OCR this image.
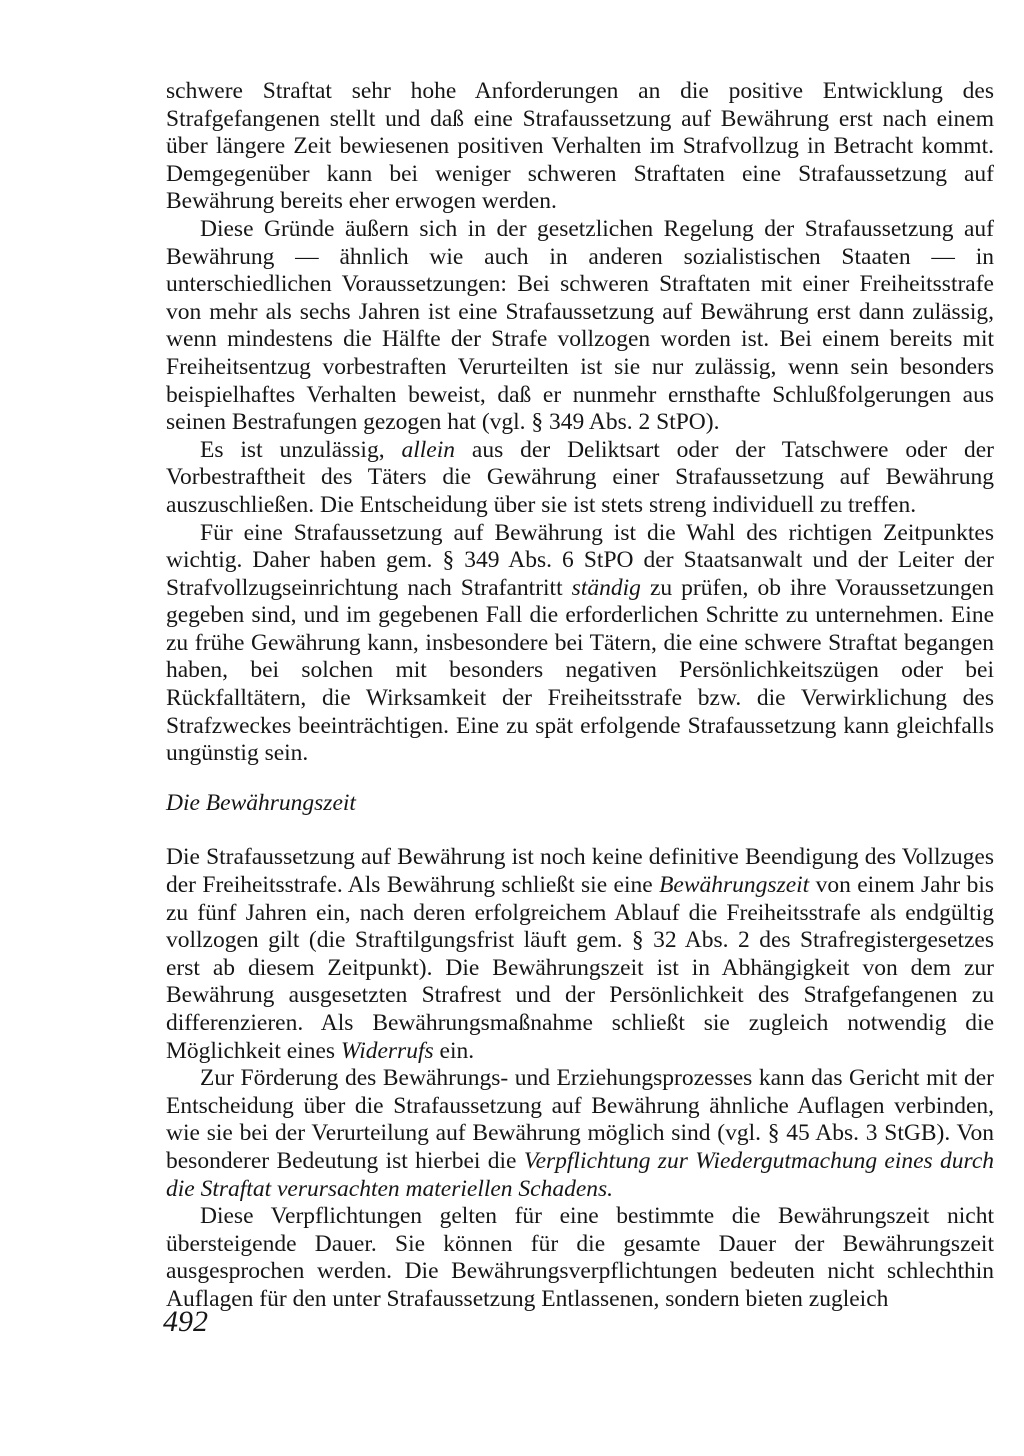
schwere Straftat sehr hohe Anforderungen an die positive Entwicklung des Strafgefangenen stellt und daß eine Strafaussetzung auf Bewährung erst nach einem über längere Zeit bewiesenen positiven Verhalten im Strafvollzug in Betracht kommt. Demgegenüber kann bei weniger schweren Straftaten eine Strafaussetzung auf Bewährung bereits eher erwogen werden.

Diese Gründe äußern sich in der gesetzlichen Regelung der Strafaussetzung auf Bewährung — ähnlich wie auch in anderen sozialistischen Staaten — in unterschiedlichen Voraussetzungen: Bei schweren Straftaten mit einer Freiheitsstrafe von mehr als sechs Jahren ist eine Strafaussetzung auf Bewährung erst dann zulässig, wenn mindestens die Hälfte der Strafe vollzogen worden ist. Bei einem bereits mit Freiheitsentzug vorbestraften Verurteilten ist sie nur zulässig, wenn sein besonders beispielhaftes Verhalten beweist, daß er nunmehr ernsthafte Schlußfolgerungen aus seinen Bestrafungen gezogen hat (vgl. § 349 Abs. 2 StPO).

Es ist unzulässig, allein aus der Deliktsart oder der Tatschwere oder der Vorbestraftheit des Täters die Gewährung einer Strafaussetzung auf Bewährung auszuschließen. Die Entscheidung über sie ist stets streng individuell zu treffen.

Für eine Strafaussetzung auf Bewährung ist die Wahl des richtigen Zeitpunktes wichtig. Daher haben gem. § 349 Abs. 6 StPO der Staatsanwalt und der Leiter der Strafvollzugseinrichtung nach Strafantritt ständig zu prüfen, ob ihre Voraussetzungen gegeben sind, und im gegebenen Fall die erforderlichen Schritte zu unternehmen. Eine zu frühe Gewährung kann, insbesondere bei Tätern, die eine schwere Straftat begangen haben, bei solchen mit besonders negativen Persönlichkeitszügen oder bei Rückfalltätern, die Wirksamkeit der Freiheitsstrafe bzw. die Verwirklichung des Strafzweckes beeinträchtigen. Eine zu spät erfolgende Strafaussetzung kann gleichfalls ungünstig sein.

Die Bewährungszeit

Die Strafaussetzung auf Bewährung ist noch keine definitive Beendigung des Vollzuges der Freiheitsstrafe. Als Bewährung schließt sie eine Bewährungszeit von einem Jahr bis zu fünf Jahren ein, nach deren erfolgreichem Ablauf die Freiheitsstrafe als endgültig vollzogen gilt (die Straftilgungsfrist läuft gem. § 32 Abs. 2 des Strafregistergesetzes erst ab diesem Zeitpunkt). Die Bewährungszeit ist in Abhängigkeit von dem zur Bewährung ausgesetzten Strafrest und der Persönlichkeit des Strafgefangenen zu differenzieren. Als Bewährungsmaßnahme schließt sie zugleich notwendig die Möglichkeit eines Widerrufs ein.

Zur Förderung des Bewährungs- und Erziehungsprozesses kann das Gericht mit der Entscheidung über die Strafaussetzung auf Bewährung ähnliche Auflagen verbinden, wie sie bei der Verurteilung auf Bewährung möglich sind (vgl. § 45 Abs. 3 StGB). Von besonderer Bedeutung ist hierbei die Verpflichtung zur Wiedergutmachung eines durch die Straftat verursachten materiellen Schadens.

Diese Verpflichtungen gelten für eine bestimmte die Bewährungszeit nicht übersteigende Dauer. Sie können für die gesamte Dauer der Bewährungszeit ausgesprochen werden. Die Bewährungsverpflichtungen bedeuten nicht schlechthin Auflagen für den unter Strafaussetzung Entlassenen, sondern bieten zugleich

492
